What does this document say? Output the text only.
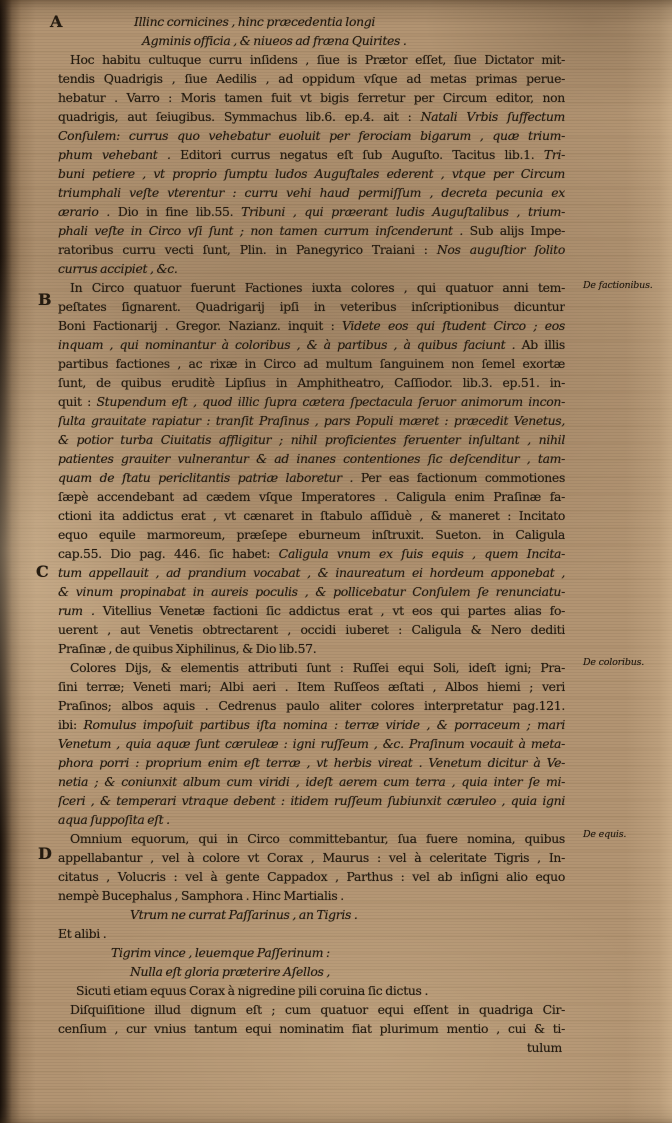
Illinc cornicines , hinc præcedentia longi
Agminis officia , & niueos ad fræna Quirites .
Hoc habitu cultuque curru inſidens , ſiue is Prætor eſſet, ſiue Dictator mit-
tendis Quadrigis , ſiue Aedilis , ad oppidum vſque ad metas primas perue-
hebatur . Varro : Moris tamen fuit vt bigis ferretur per Circum editor, non
quadrigis, aut ſeiugibus. Symmachus lib.6. ep.4. ait : Natali Vrbis ſuffectum
Conſulem: currus quo vehebatur euoluit per ferociam bigarum , quæ trium-
phum vehebant . Editori currus negatus eſt ſub Auguſto. Tacitus lib.1. Tri-
buni petiere , vt proprio ſumptu ludos Auguſtales ederent , vtque per Circum
triumphali veſte vterentur : curru vehi haud permiſſum , decreta pecunia ex
ærario . Dio in fine lib.55. Tribuni , qui præerant ludis Auguſtalibus , trium-
phali veſte in Circo vſi ſunt ; non tamen currum inſcenderunt . Sub alijs Impe-
ratoribus curru vecti ſunt, Plin. in Panegyrico Traiani : Nos auguſtior ſolito
currus accipiet , &c.
In Circo quatuor fuerunt Factiones iuxta colores , qui quatuor anni tem-
peſtates ſignarent. Quadrigarij ipſi in veteribus inſcriptionibus dicuntur
Boni Factionarij . Gregor. Nazianz. inquit : Videte eos qui ſtudent Circo ; eos
inquam , qui nominantur à coloribus , & à partibus , à quibus faciunt . Ab illis
partibus factiones , ac rixæ in Circo ad multum ſanguinem non ſemel exortæ
ſunt, de quibus eruditè Lipſius in Amphitheatro, Caſſiodor. lib.3. ep.51. in-
quit : Stupendum eſt , quod illic ſupra cætera ſpectacula ſeruor animorum incon-
ſulta grauitate rapiatur : tranſit Praſinus , pars Populi mæret : præcedit Venetus,
& potior turba Ciuitatis affligitur ; nihil proficientes feruenter inſultant , nihil
patientes grauiter vulnerantur & ad inanes contentiones ſic deſcenditur , tam-
quam de ſtatu periclitantis patriæ laboretur . Per eas factionum commotiones
ſæpè accendebant ad cædem vſque Imperatores . Caligula enim Praſinæ fa-
ctioni ita addictus erat , vt cænaret in ſtabulo aſſiduè , & maneret : Incitato
equo equile marmoreum, præſepe eburneum inſtruxit. Sueton. in Caligula
cap.55. Dio pag. 446. ſic habet: Caligula vnum ex ſuis equis , quem Incita-
tum appellauit , ad prandium vocabat , & inaureatum ei hordeum apponebat ,
& vinum propinabat in aureis poculis , & pollicebatur Conſulem ſe renunciatu-
rum . Vitellius Venetæ factioni ſic addictus erat , vt eos qui partes alias fo-
uerent , aut Venetis obtrectarent , occidi iuberet : Caligula & Nero dediti
Praſinæ , de quibus Xiphilinus, & Dio lib.57.
Colores Dijs, & elementis attributi ſunt : Ruſſei equi Soli, ideſt igni; Pra-
ſini terræ; Veneti mari; Albi aeri . Item Ruſſeos æſtati , Albos hiemi ; veri
Praſinos; albos aquis . Cedrenus paulo aliter colores interpretatur pag.121.
ibi: Romulus impoſuit partibus iſta nomina : terræ viride , & porraceum ; mari
Venetum , quia aquæ ſunt cæruleæ : igni ruſſeum , &c. Praſinum vocauit à meta-
phora porri : proprium enim eſt terræ , vt herbis vireat . Venetum dicitur à Ve-
netia ; & coniunxit album cum viridi , ideſt aerem cum terra , quia inter ſe mi-
ſceri , & temperari vtraque debent : itidem ruſſeum ſubiunxit cæruleo , quia igni
aqua ſuppoſita eſt .
Omnium equorum, qui in Circo committebantur, ſua fuere nomina, quibus
appellabantur , vel à colore vt Corax , Maurus : vel à celeritate Tigris , In-
citatus , Volucris : vel à gente Cappadox , Parthus : vel ab inſigni alio equo
nempè Bucephalus , Samphora . Hinc Martialis .
Vtrum ne currat Paſſarinus , an Tigris .
Et alibi .
Tigrim vince , leuemque Paſſerinum :
Nulla eſt gloria præterire Aſellos ,
Sicuti etiam equus Corax à nigredine pili coruina ſic dictus .
Diſquiſitione illud dignum eſt ; cum quatuor equi eſſent in quadriga Cir-
cenſium , cur vnius tantum equi nominatim fiat plurimum mentio , cui & ti-
tulum
A
B
C
D
De factionibus.
De coloribus.
De equis.
